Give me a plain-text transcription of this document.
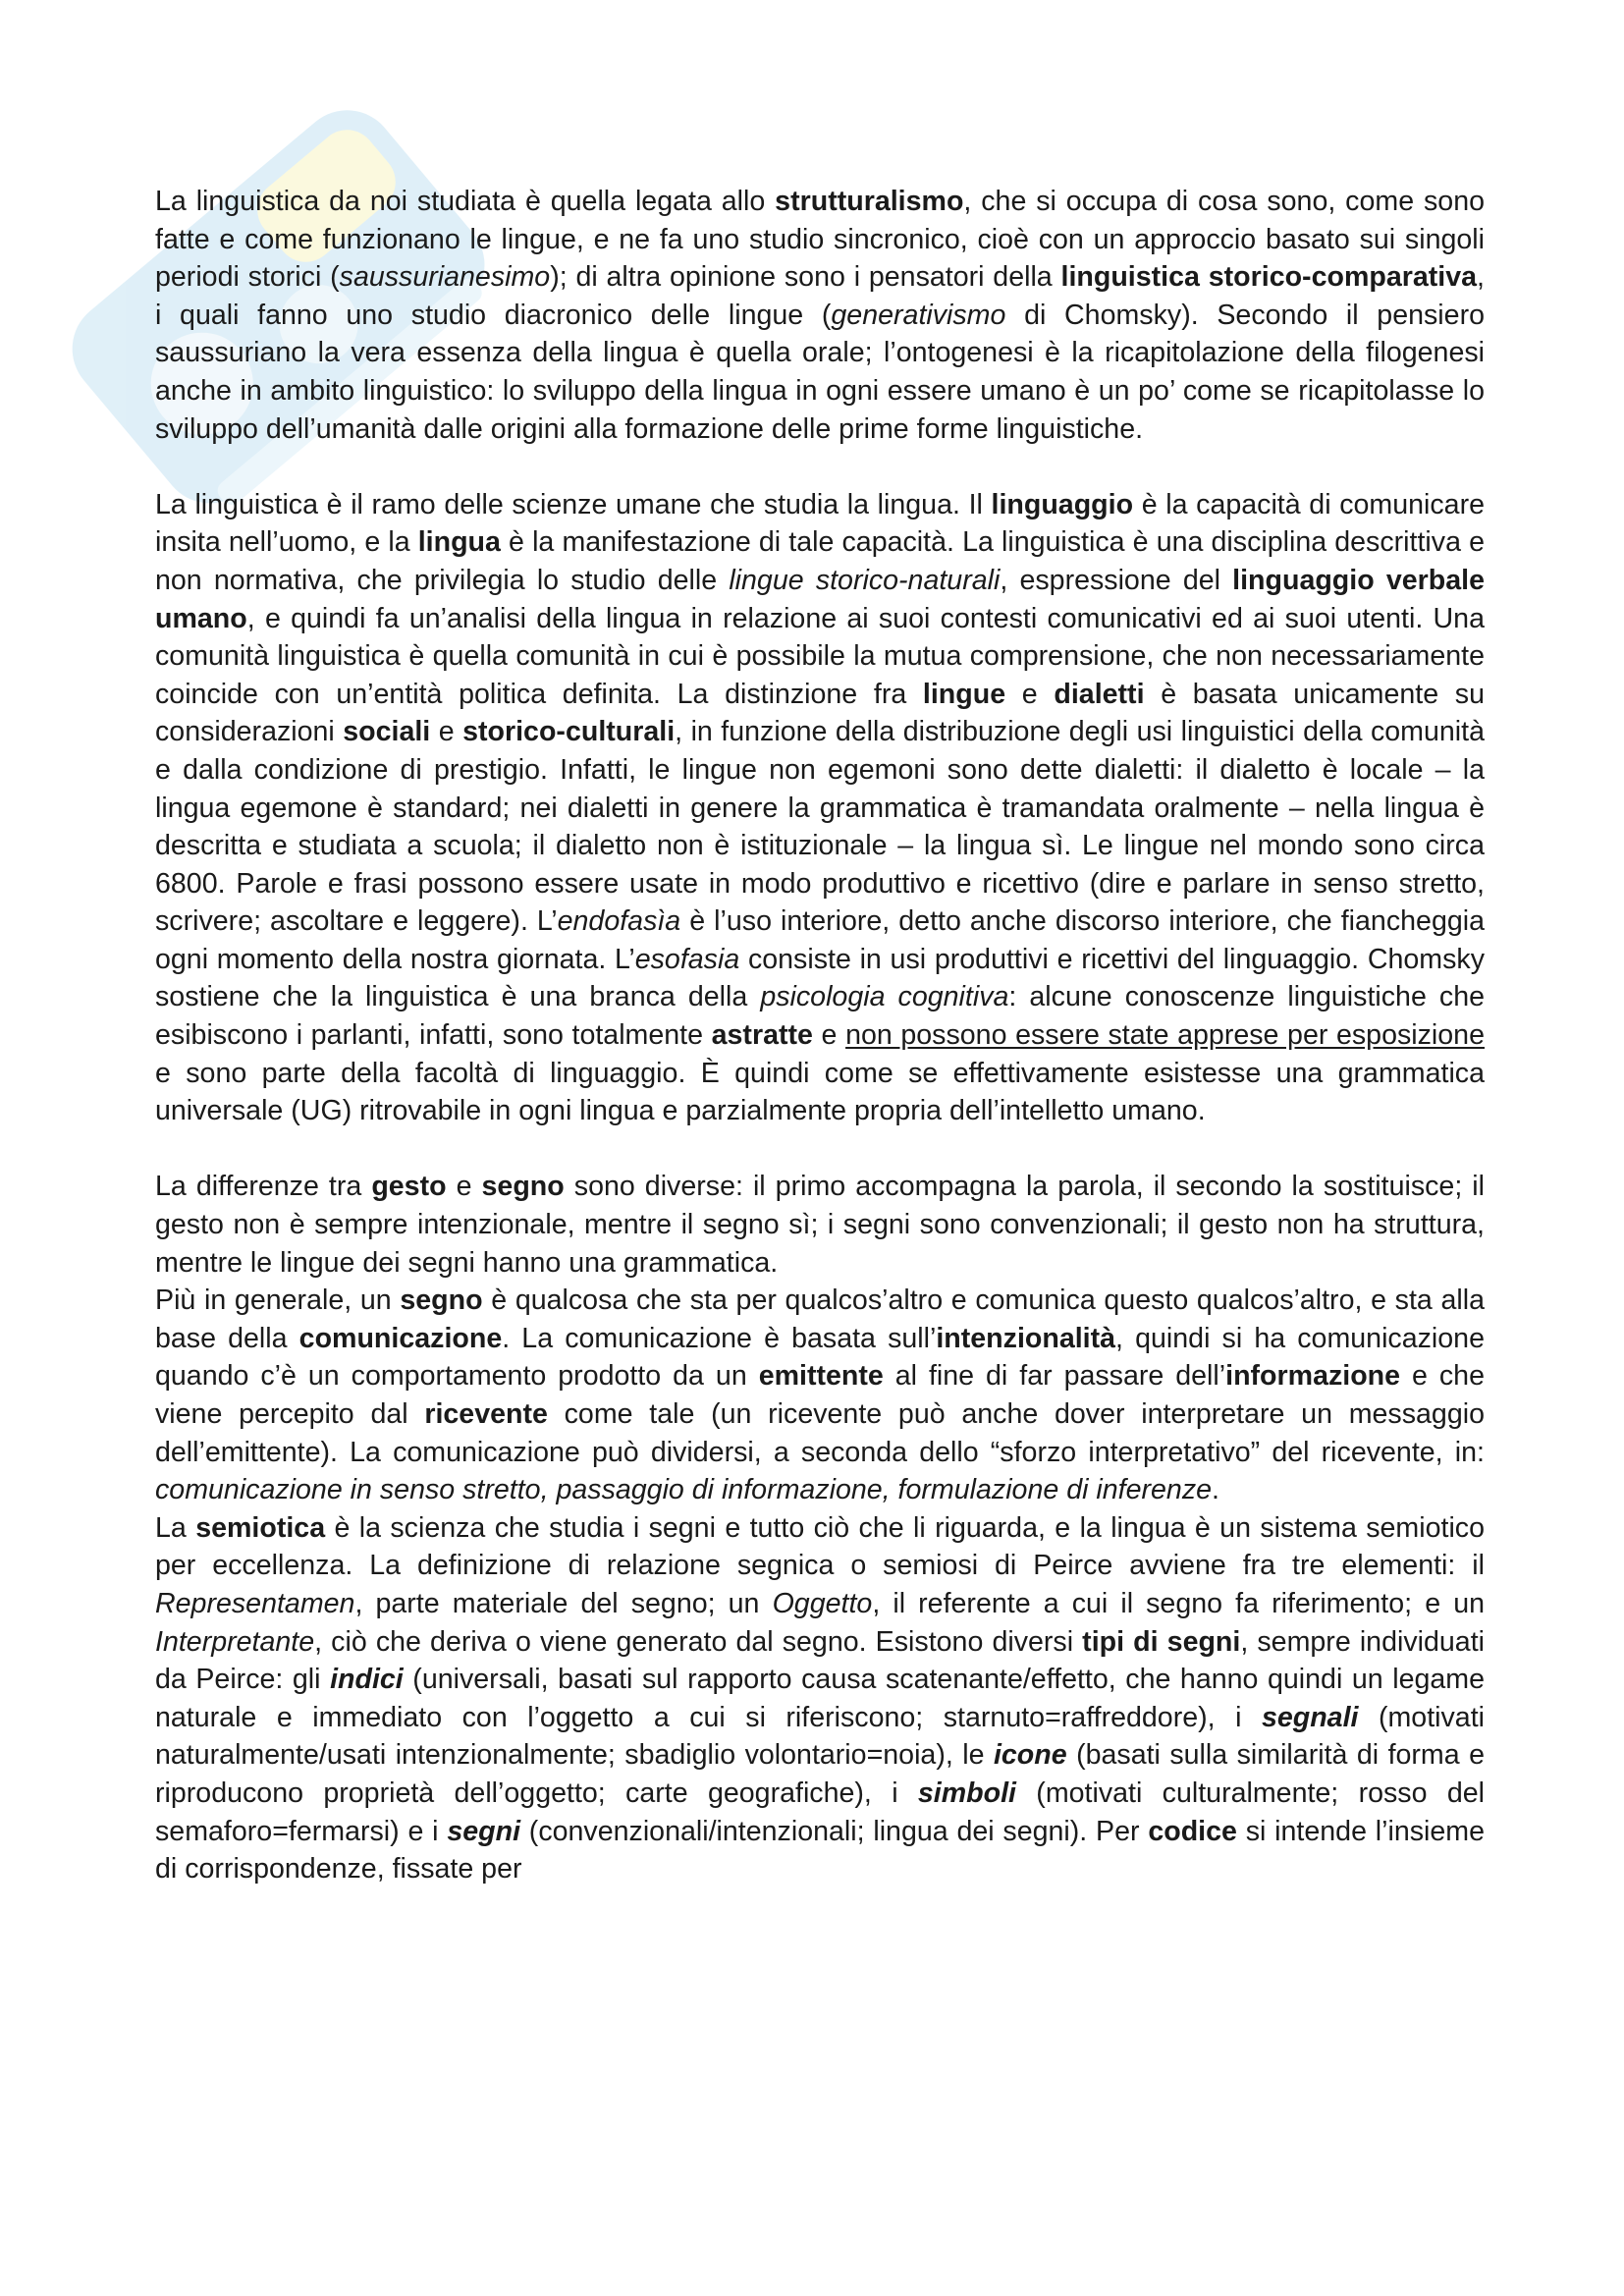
La linguistica da noi studiata è quella legata allo strutturalismo, che si occupa di cosa sono, come sono fatte e come funzionano le lingue, e ne fa uno studio sincronico, cioè con un approccio basato sui singoli periodi storici (saussurianesimo); di altra opinione sono i pensatori della linguistica storico-comparativa, i quali fanno uno studio diacronico delle lingue (generativismo di Chomsky). Secondo il pensiero saussuriano la vera essenza della lingua è quella orale; l’ontogenesi è la ricapitolazione della filogenesi anche in ambito linguistico: lo sviluppo della lingua in ogni essere umano è un po’ come se ricapitolasse lo sviluppo dell’umanità dalle origini alla formazione delle prime forme linguistiche.

La linguistica è il ramo delle scienze umane che studia la lingua. Il linguaggio è la capacità di comunicare insita nell’uomo, e la lingua è la manifestazione di tale capacità. La linguistica è una disciplina descrittiva e non normativa, che privilegia lo studio delle lingue storico-naturali, espressione del linguaggio verbale umano, e quindi fa un’analisi della lingua in relazione ai suoi contesti comunicativi ed ai suoi utenti. Una comunità linguistica è quella comunità in cui è possibile la mutua comprensione, che non necessariamente coincide con un’entità politica definita. La distinzione fra lingue e dialetti è basata unicamente su considerazioni sociali e storico-culturali, in funzione della distribuzione degli usi linguistici della comunità e dalla condizione di prestigio. Infatti, le lingue non egemoni sono dette dialetti: il dialetto è locale – la lingua egemone è standard; nei dialetti in genere la grammatica è tramandata oralmente – nella lingua è descritta e studiata a scuola; il dialetto non è istituzionale – la lingua sì. Le lingue nel mondo sono circa 6800. Parole e frasi possono essere usate in modo produttivo e ricettivo (dire e parlare in senso stretto, scrivere; ascoltare e leggere). L’endofasìa è l’uso interiore, detto anche discorso interiore, che fiancheggia ogni momento della nostra giornata. L’esofasia consiste in usi produttivi e ricettivi del linguaggio. Chomsky sostiene che la linguistica è una branca della psicologia cognitiva: alcune conoscenze linguistiche che esibiscono i parlanti, infatti, sono totalmente astratte e non possono essere state apprese per esposizione e sono parte della facoltà di linguaggio. È quindi come se effettivamente esistesse una grammatica universale (UG) ritrovabile in ogni lingua e parzialmente propria dell’intelletto umano.

La differenze tra gesto e segno sono diverse: il primo accompagna la parola, il secondo la sostituisce; il gesto non è sempre intenzionale, mentre il segno sì; i segni sono convenzionali; il gesto non ha struttura, mentre le lingue dei segni hanno una grammatica.

Più in generale, un segno è qualcosa che sta per qualcos’altro e comunica questo qualcos’altro, e sta alla base della comunicazione. La comunicazione è basata sull’intenzionalità, quindi si ha comunicazione quando c’è un comportamento prodotto da un emittente al fine di far passare dell’informazione e che viene percepito dal ricevente come tale (un ricevente può anche dover interpretare un messaggio dell’emittente). La comunicazione può dividersi, a seconda dello “sforzo interpretativo” del ricevente, in: comunicazione in senso stretto, passaggio di informazione, formulazione di inferenze.

La semiotica è la scienza che studia i segni e tutto ciò che li riguarda, e la lingua è un sistema semiotico per eccellenza. La definizione di relazione segnica o semiosi di Peirce avviene fra tre elementi: il Representamen, parte materiale del segno; un Oggetto, il referente a cui il segno fa riferimento; e un Interpretante, ciò che deriva o viene generato dal segno. Esistono diversi tipi di segni, sempre individuati da Peirce: gli indici (universali, basati sul rapporto causa scatenante/effetto, che hanno quindi un legame naturale e immediato con l’oggetto a cui si riferiscono; starnuto=raffreddore), i segnali (motivati naturalmente/usati intenzionalmente; sbadiglio volontario=noia), le icone (basati sulla similarità di forma e riproducono proprietà dell’oggetto; carte geografiche), i simboli (motivati culturalmente; rosso del semaforo=fermarsi) e i segni (convenzionali/intenzionali; lingua dei segni). Per codice si intende l’insieme di corrispondenze, fissate per
